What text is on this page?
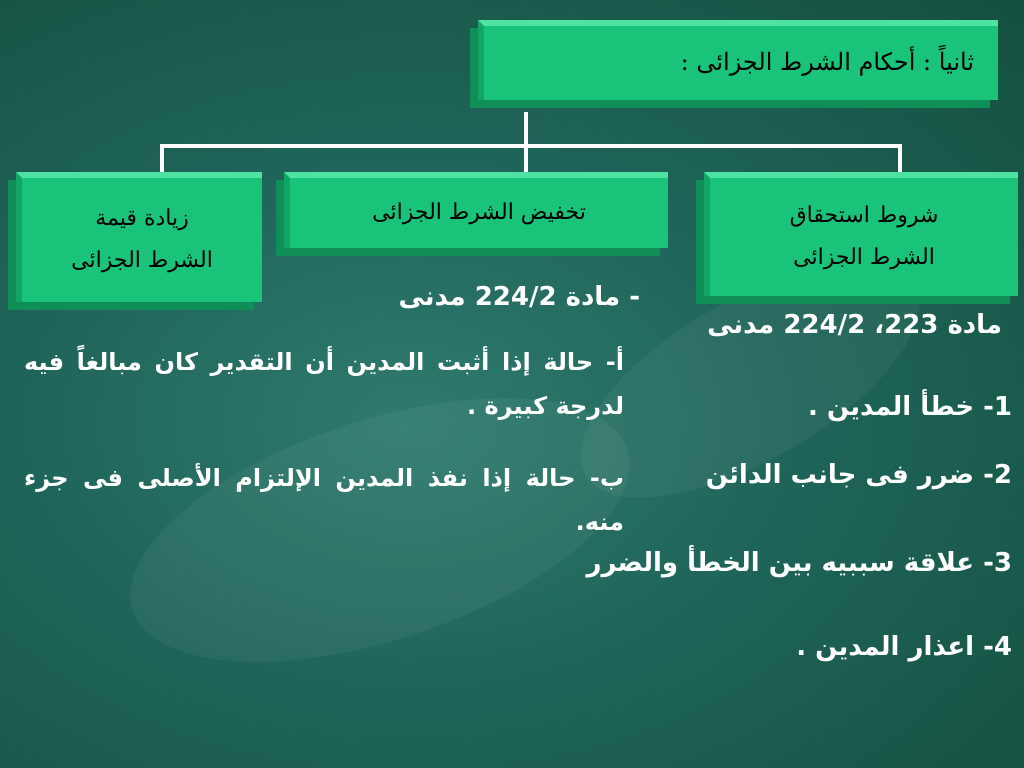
ثانياً : أحكام الشرط الجزائى :
شروط استحقاق
الشرط الجزائى
تخفيض الشرط الجزائى
زيادة قيمة
الشرط الجزائى
مادة 223، 224/2 مدنى
1- خطأ المدين .
2- ضرر فى جانب الدائن
3- علاقة سببيه بين الخطأ والضرر
4- اعذار المدين .
- مادة 224/2 مدنى
أ- حالة إذا أثبت المدين أن التقدير كان مبالغاً فيه لدرجة كبيرة .
ب- حالة إذا نفذ المدين الإلتزام الأصلى فى جزء منه.
